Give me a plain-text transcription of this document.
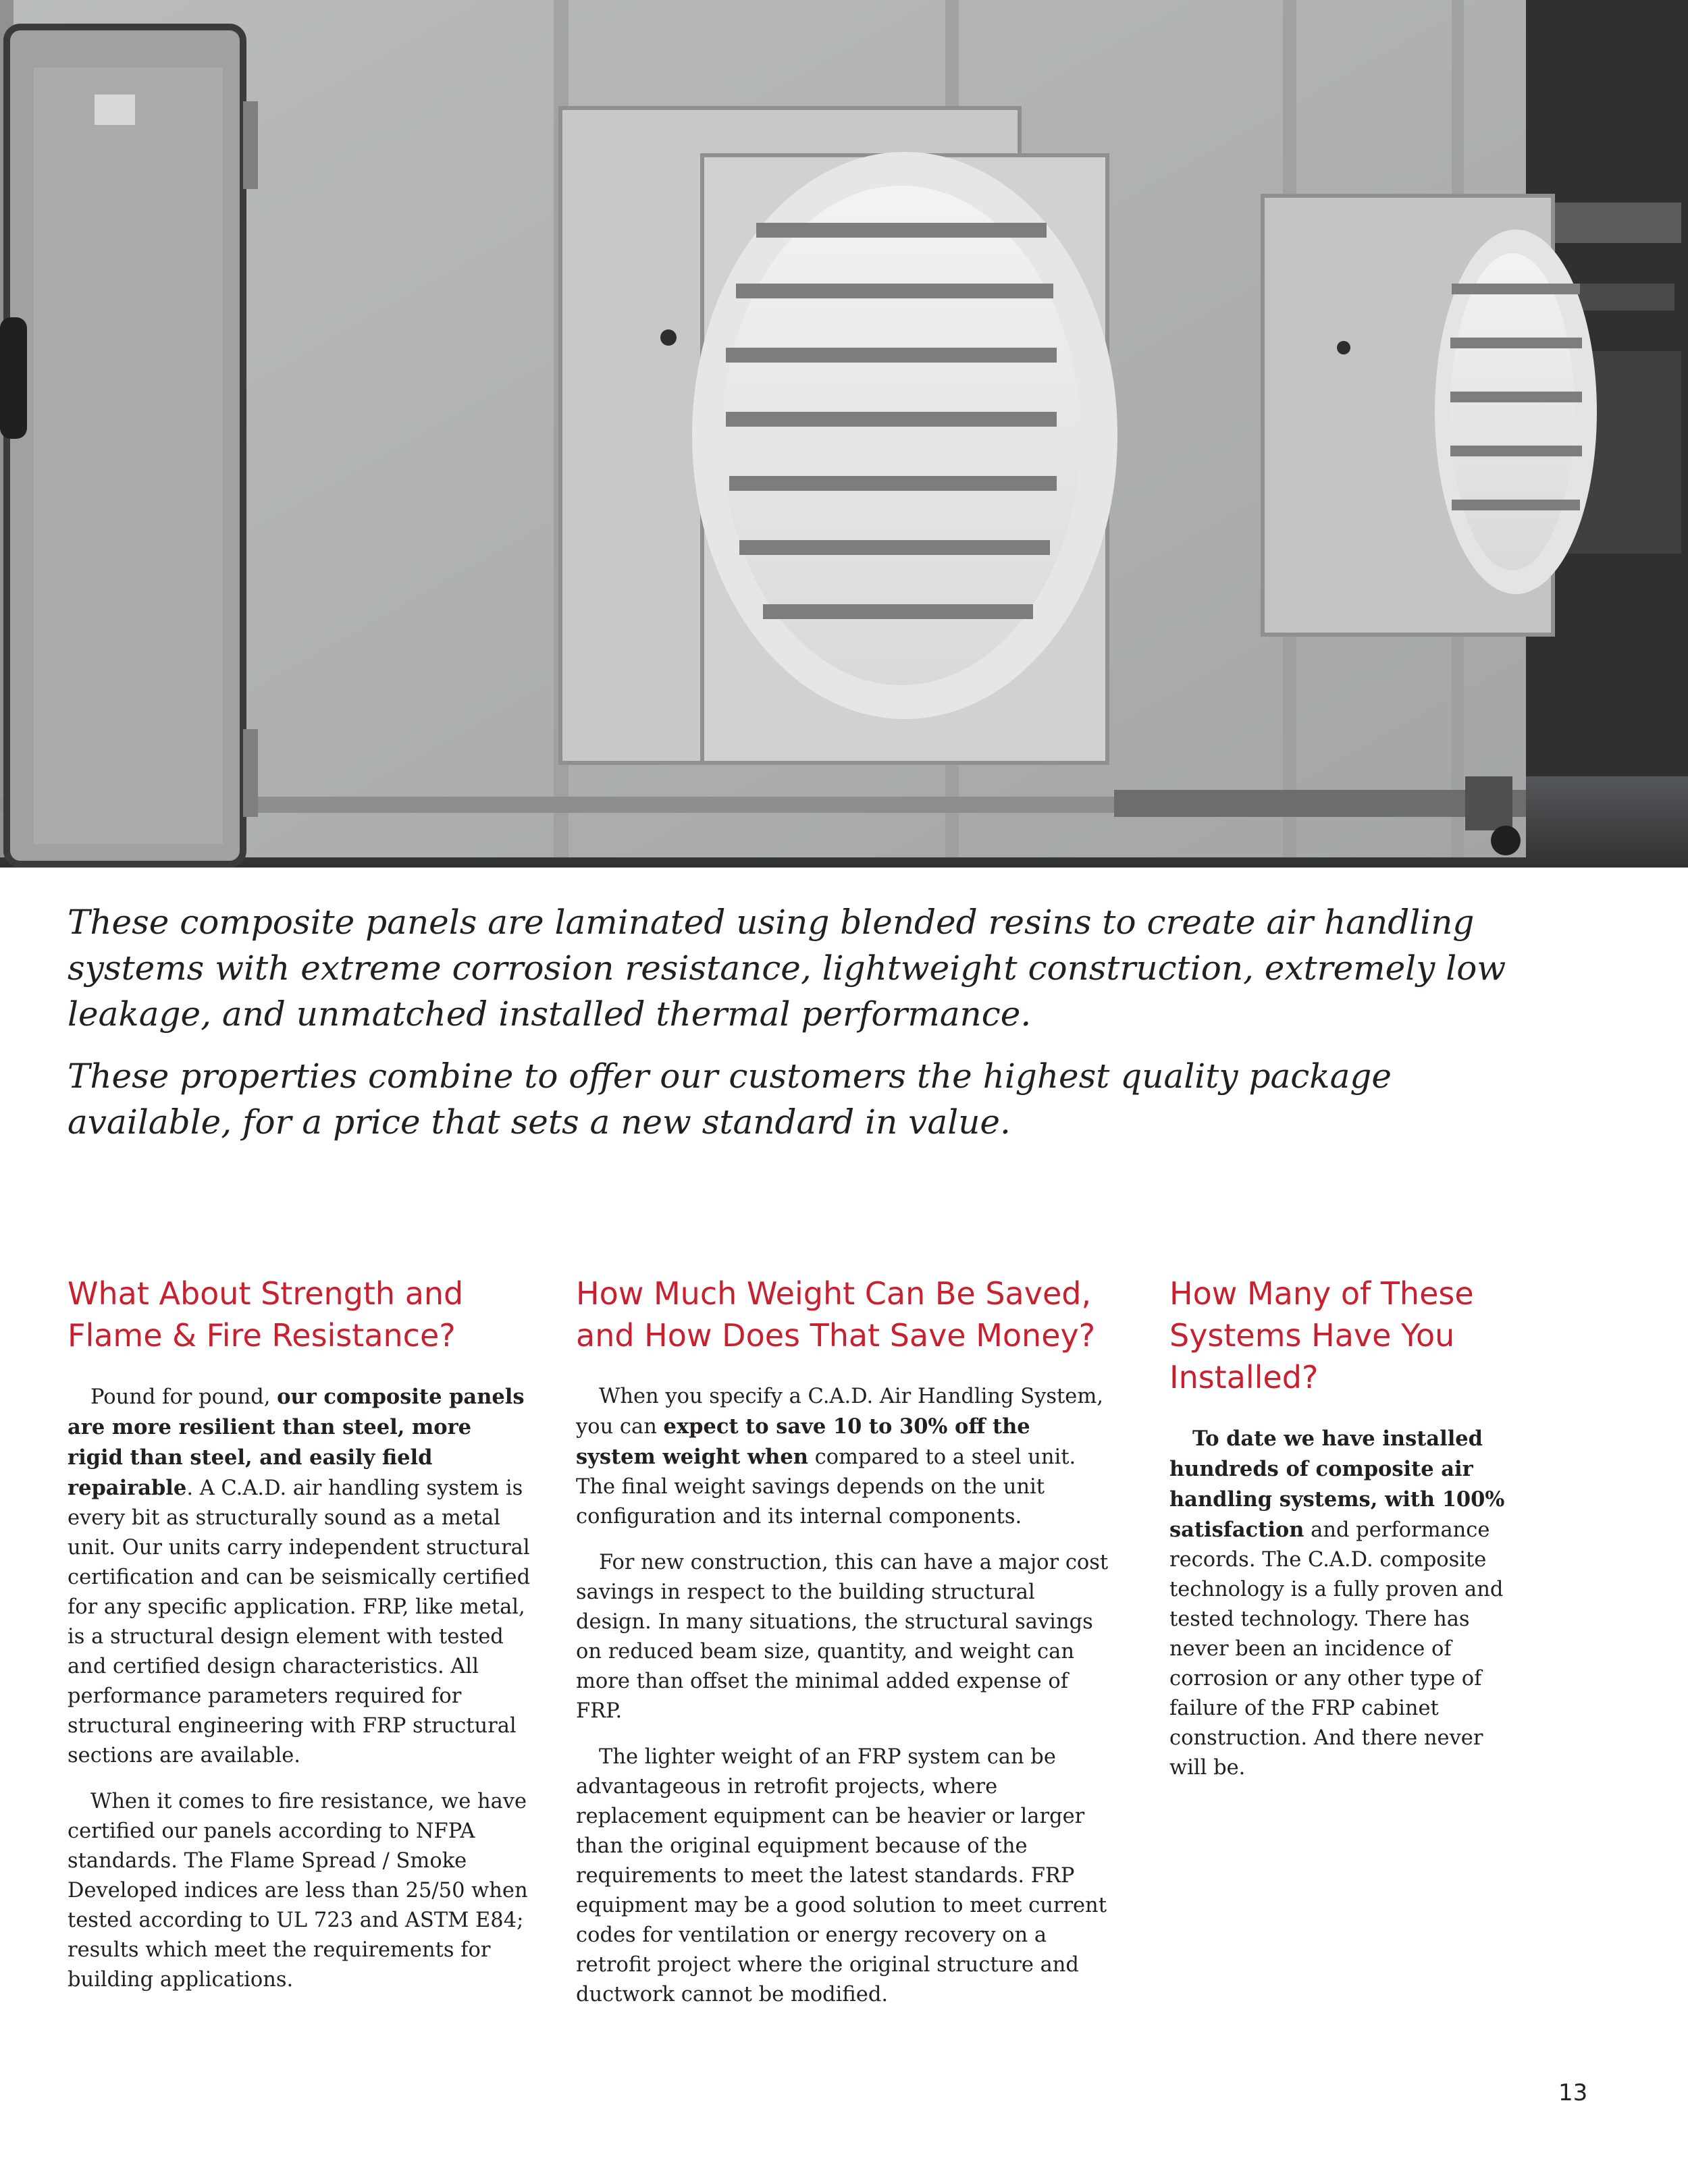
These composite panels are laminated using blended resins to create air handling systems with extreme corrosion resistance, lightweight construction, extremely low leakage, and unmatched installed thermal performance.

These properties combine to offer our customers the highest quality package available, for a price that sets a new standard in value.

What About Strength and Flame & Fire Resistance?

Pound for pound, our composite panels are more resilient than steel, more rigid than steel, and easily field repairable. A C.A.D. air handling system is every bit as structurally sound as a metal unit. Our units carry independent structural certification and can be seismically certified for any specific application. FRP, like metal, is a structural design element with tested and certified design characteristics. All performance parameters required for structural engineering with FRP structural sections are available.

When it comes to fire resistance, we have certified our panels according to NFPA standards. The Flame Spread / Smoke Developed indices are less than 25/50 when tested according to UL 723 and ASTM E84; results which meet the requirements for building applications.

How Much Weight Can Be Saved, and How Does That Save Money?

When you specify a C.A.D. Air Handling System, you can expect to save 10 to 30% off the system weight when compared to a steel unit. The final weight savings depends on the unit configuration and its internal components.

For new construction, this can have a major cost savings in respect to the building structural design. In many situations, the structural savings on reduced beam size, quantity, and weight can more than offset the minimal added expense of FRP.

The lighter weight of an FRP system can be advantageous in retrofit projects, where replacement equipment can be heavier or larger than the original equipment because of the requirements to meet the latest standards. FRP equipment may be a good solution to meet current codes for ventilation or energy recovery on a retrofit project where the original structure and ductwork cannot be modified.

How Many of These Systems Have You Installed?

To date we have installed hundreds of composite air handling systems, with 100% satisfaction and performance records. The C.A.D. composite technology is a fully proven and tested technology. There has never been an incidence of corrosion or any other type of failure of the FRP cabinet construction. And there never will be.

13
